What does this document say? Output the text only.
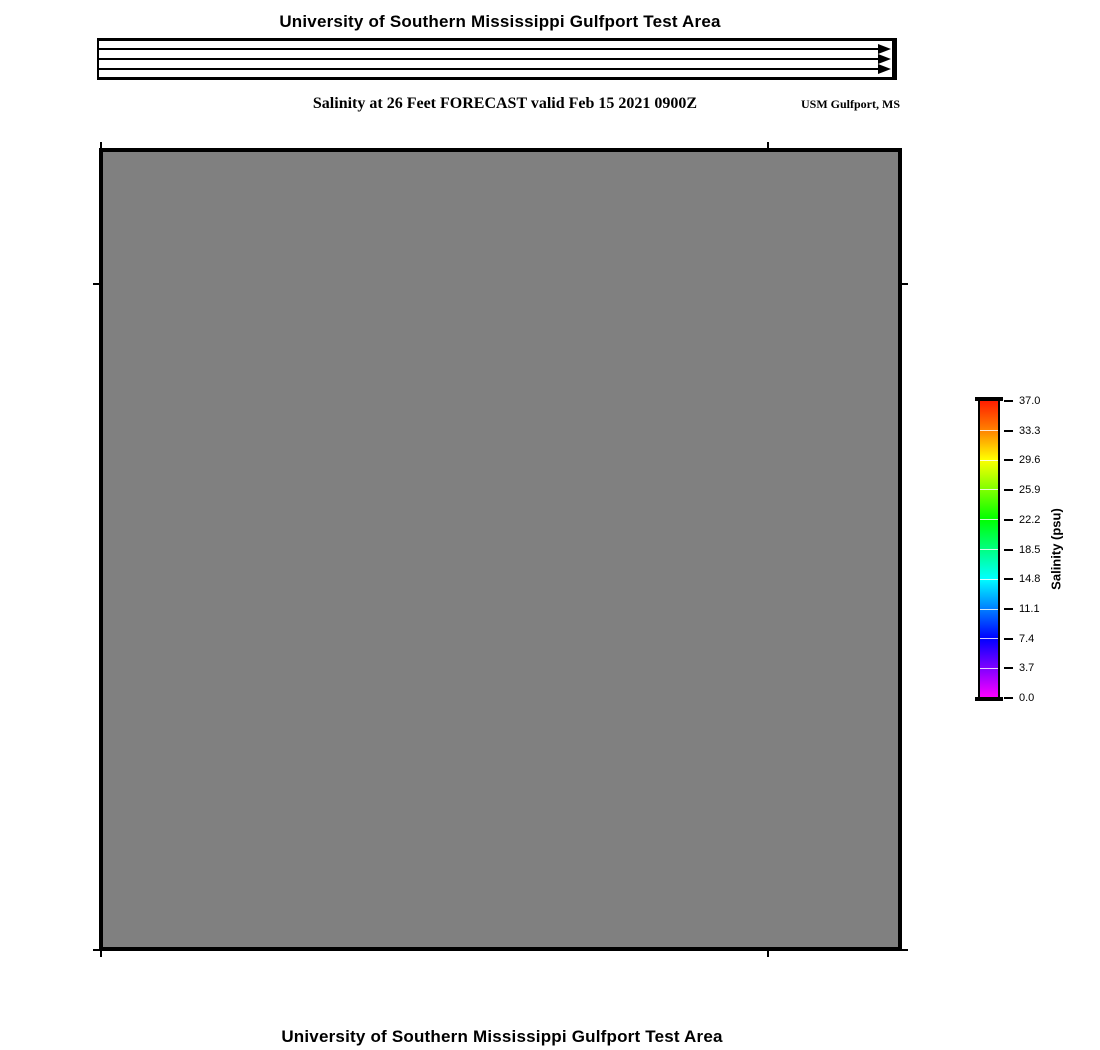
University of Southern Mississippi Gulfport Test Area
Salinity at 26 Feet FORECAST valid Feb 15 2021 0900Z	USM Gulfport, MS
37.0
33.3
29.6
25.9
22.2
18.5
14.8
11.1
7.4
3.7
0.0
Salinity (psu)
University of Southern Mississippi Gulfport Test Area
